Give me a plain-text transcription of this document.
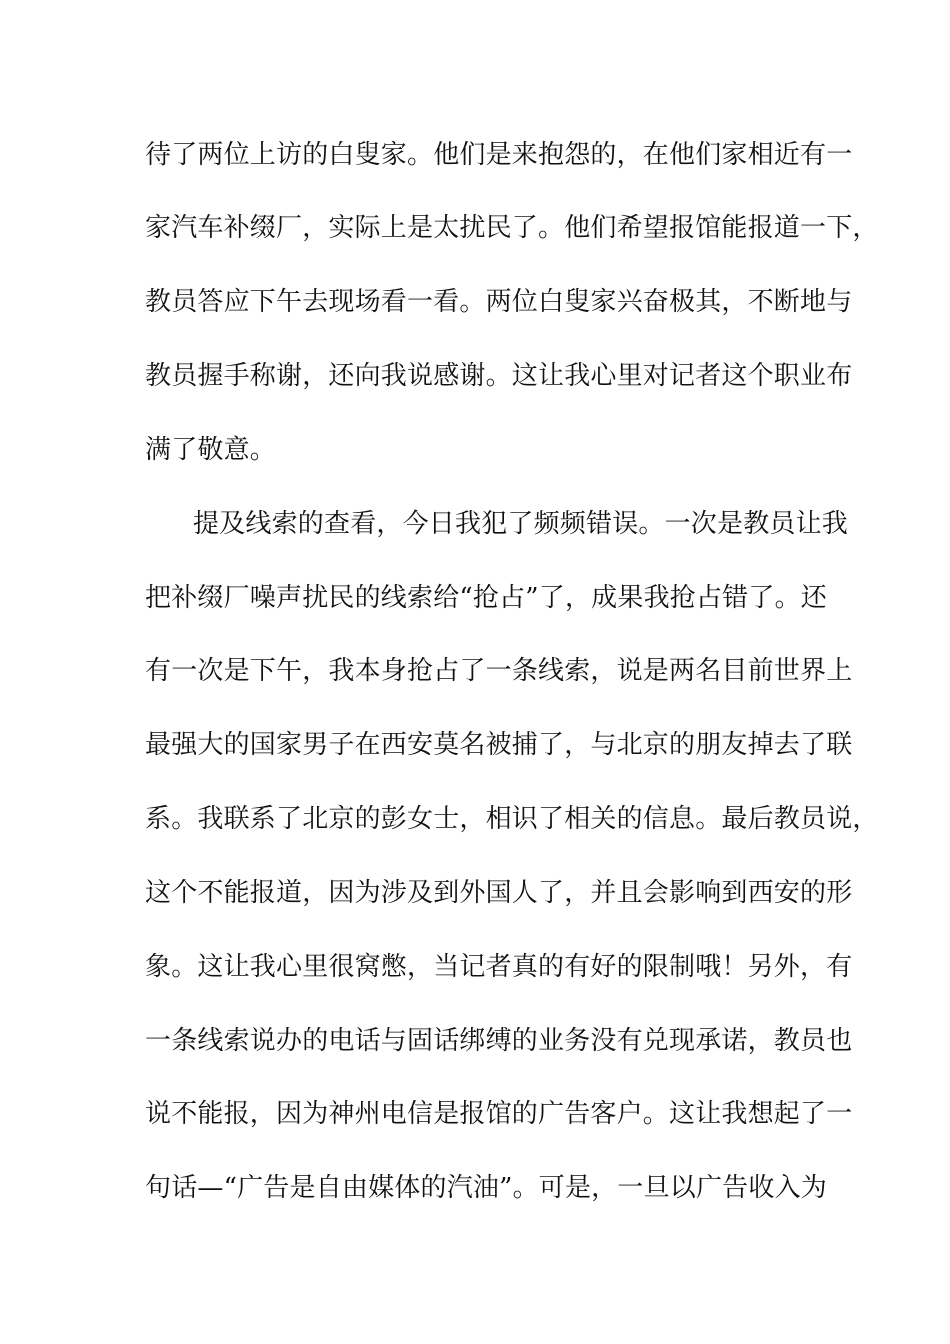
待了两位上访的白叟家。他们是来抱怨的，在他们家相近有一
家汽车补缀厂，实际上是太扰民了。他们希望报馆能报道一下，
教员答应下午去现场看一看。两位白叟家兴奋极其，不断地与
教员握手称谢，还向我说感谢。这让我心里对记者这个职业布
满了敬意。
提及线索的查看，今日我犯了频频错误。一次是教员让我
把补缀厂噪声扰民的线索给“抢占”了，成果我抢占错了。还
有一次是下午，我本身抢占了一条线索，说是两名目前世界上
最强大的国家男子在西安莫名被捕了，与北京的朋友掉去了联
系。我联系了北京的彭女士，相识了相关的信息。最后教员说，
这个不能报道，因为涉及到外国人了，并且会影响到西安的形
象。这让我心里很窝憋，当记者真的有好的限制哦！另外，有
一条线索说办的电话与固话绑缚的业务没有兑现承诺，教员也
说不能报，因为神州电信是报馆的广告客户。这让我想起了一
句话—“广告是自由媒体的汽油”。可是，一旦以广告收入为
